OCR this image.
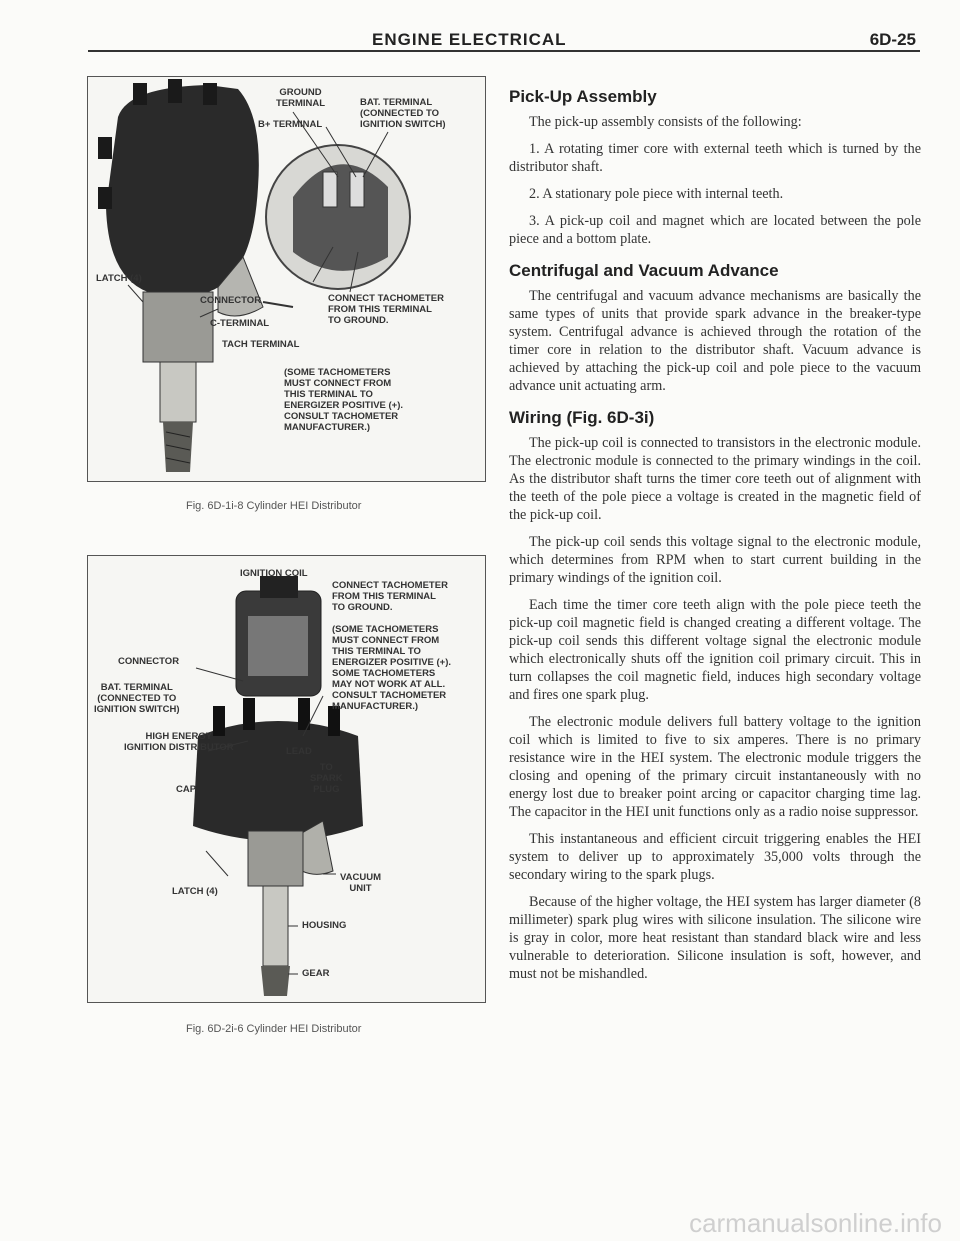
ENGINE ELECTRICAL	6D-25
GROUND
TERMINAL	BAT. TERMINAL
(CONNECTED TO
IGNITION SWITCH)
B+ TERMINAL
LATCH (4)
CONNECTOR
C-TERMINAL
TACH TERMINAL
CONNECT TACHOMETER
FROM THIS TERMINAL
TO GROUND.
(SOME TACHOMETERS
MUST CONNECT FROM
THIS TERMINAL TO
ENERGIZER POSITIVE (+).
CONSULT TACHOMETER
MANUFACTURER.)
Fig. 6D-1i-8 Cylinder HEI Distributor
IGNITION COIL
CONNECT TACHOMETER
FROM THIS TERMINAL
TO GROUND.
(SOME TACHOMETERS
MUST CONNECT FROM
THIS TERMINAL TO
ENERGIZER POSITIVE (+).
SOME TACHOMETERS
MAY NOT WORK AT ALL.
CONSULT TACHOMETER
MANUFACTURER.)
CONNECTOR
BAT. TERMINAL
(CONNECTED TO
IGNITION SWITCH)
HIGH ENERGY
IGNITION DISTRIBUTOR	LEAD
TO
SPARK
PLUG
CAP
LATCH (4)
VACUUM
UNIT
HOUSING
GEAR
Fig. 6D-2i-6 Cylinder HEI Distributor
Pick-Up Assembly

The pick-up assembly consists of the following:

1. A rotating timer core with external teeth which is turned by the distributor shaft.

2. A stationary pole piece with internal teeth.

3. A pick-up coil and magnet which are located between the pole piece and a bottom plate.

Centrifugal and Vacuum Advance

The centrifugal and vacuum advance mechanisms are basically the same types of units that provide spark advance in the breaker-type system. Centrifugal advance is achieved through the rotation of the timer core in relation to the distributor shaft. Vacuum advance is achieved by attaching the pick-up coil and pole piece to the vacuum advance unit actuating arm.

Wiring (Fig. 6D-3i)

The pick-up coil is connected to transistors in the electronic module. The electronic module is connected to the primary windings in the coil. As the distributor shaft turns the timer core teeth out of alignment with the teeth of the pole piece a voltage is created in the magnetic field of the pick-up coil.

The pick-up coil sends this voltage signal to the electronic module, which determines from RPM when to start current building in the primary windings of the ignition coil.

Each time the timer core teeth align with the pole piece teeth the pick-up coil magnetic field is changed creating a different voltage. The pick-up coil sends this different voltage signal the electronic module which electronically shuts off the ignition coil primary circuit. This in turn collapses the coil magnetic field, induces high secondary voltage and fires one spark plug.

The electronic module delivers full battery voltage to the ignition coil which is limited to five to six amperes. There is no primary resistance wire in the HEI system. The electronic module triggers the closing and opening of the primary circuit instantaneously with no energy lost due to breaker point arcing or capacitor charging time lag. The capacitor in the HEI unit functions only as a radio noise suppressor.

This instantaneous and efficient circuit triggering enables the HEI system to deliver up to approximately 35,000 volts through the secondary wiring to the spark plugs.

Because of the higher voltage, the HEI system has larger diameter (8 millimeter) spark plug wires with silicone insulation. The silicone wire is gray in color, more heat resistant than standard black wire and less vulnerable to deterioration. Silicone insulation is soft, however, and must not be mishandled.

carmanualsonline.info
